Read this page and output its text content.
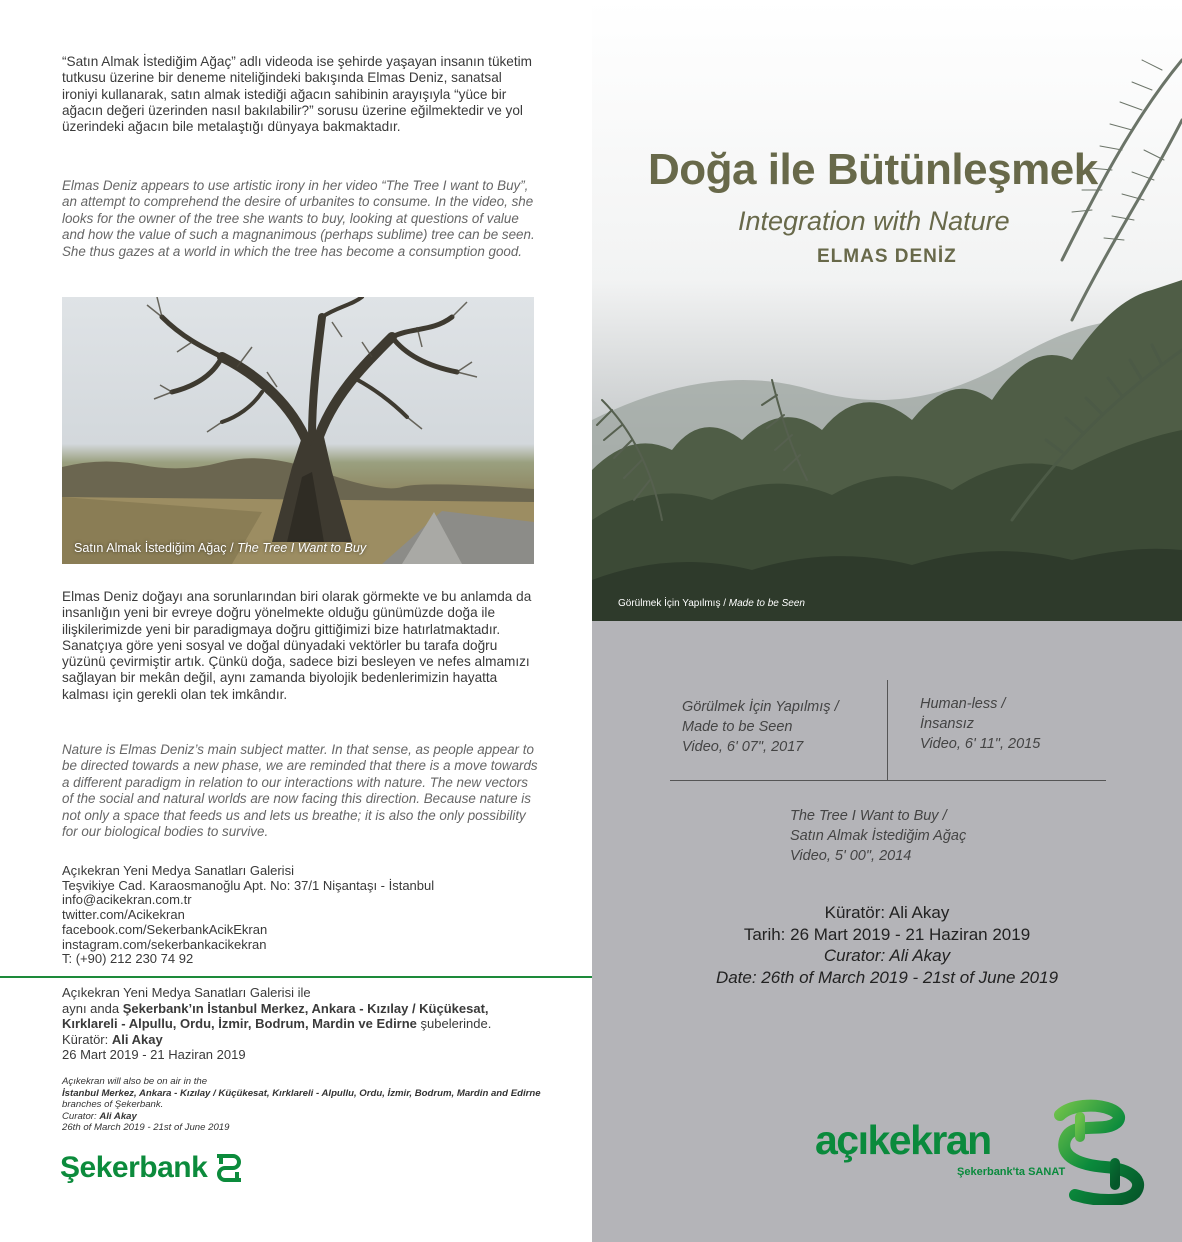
“Satın Almak İstediğim Ağaç” adlı videoda ise şehirde yaşayan insanın tüketim tutkusu üzerine bir deneme niteliğindeki bakışında Elmas Deniz, sanatsal ironiyi kullanarak, satın almak istediği ağacın sahibinin arayışıyla “yüce bir ağacın değeri üzerinden nasıl bakılabilir?” sorusu üzerine eğilmektedir ve yol üzerindeki ağacın bile metalaştığı dünyaya bakmaktadır.
Elmas Deniz appears to use artistic irony in her video “The Tree I want to Buy”, an attempt to comprehend the desire of urbanites to consume. In the video, she looks for the owner of the tree she wants to buy, looking at questions of value and how the value of such a magnanimous (perhaps sublime) tree can be seen. She thus gazes at a world in which the tree has become a consumption good.
Satın Almak İstediğim Ağaç / The Tree I Want to Buy
Elmas Deniz doğayı ana sorunlarından biri olarak görmekte ve bu anlamda da insanlığın yeni bir evreye doğru yönelmekte olduğu günümüzde doğa ile ilişkilerimizde yeni bir paradigmaya doğru gittiğimizi bize hatırlatmaktadır. Sanatçıya göre yeni sosyal ve doğal dünyadaki vektörler bu tarafa doğru yüzünü çevirmiştir artık. Çünkü doğa, sadece bizi besleyen ve nefes almamızı sağlayan bir mekân değil, aynı zamanda biyolojik bedenlerimizin hayatta kalması için gerekli olan tek imkândır.
Nature is Elmas Deniz’s main subject matter. In that sense, as people appear to be directed towards a new phase, we are reminded that there is a move towards a different paradigm in relation to our interactions with nature. The new vectors of the social and natural worlds are now facing this direction. Because nature is not only a space that feeds us and lets us breathe; it is also the only possibility for our biological bodies to survive.
Açıkekran Yeni Medya Sanatları Galerisi
Teşvikiye Cad. Karaosmanoğlu Apt. No: 37/1 Nişantaşı - İstanbul
info@acikekran.com.tr
twitter.com/Acikekran
facebook.com/SekerbankAcikEkran
instagram.com/sekerbankacikekran
T: (+90) 212 230 74 92
Açıkekran Yeni Medya Sanatları Galerisi ile
aynı anda Şekerbank’ın İstanbul Merkez, Ankara - Kızılay / Küçükesat, Kırklareli - Alpullu, Ordu, İzmir, Bodrum, Mardin ve Edirne şubelerinde.
Küratör: Ali Akay
26 Mart 2019 - 21 Haziran 2019
Açıkekran will also be on air in the
İstanbul Merkez, Ankara - Kızılay / Küçükesat, Kırklareli - Alpullu, Ordu, İzmir, Bodrum, Mardin and Edirne branches of Şekerbank.
Curator: Ali Akay
26th of March 2019 - 21st of June 2019
Şekerbank
Doğa ile Bütünleşmek
Integration with Nature
ELMAS DENİZ
Görülmek İçin Yapılmış / Made to be Seen
Görülmek İçin Yapılmış /
Made to be Seen
Video, 6' 07", 2017
Human-less /
İnsansız
Video, 6' 11", 2015
The Tree I Want to Buy /
Satın Almak İstediğim Ağaç
Video, 5' 00", 2014
Küratör: Ali Akay
Tarih: 26 Mart 2019 - 21 Haziran 2019
Curator: Ali Akay
Date: 26th of March 2019 - 21st of June 2019
açıkekran
Şekerbank'ta SANAT
